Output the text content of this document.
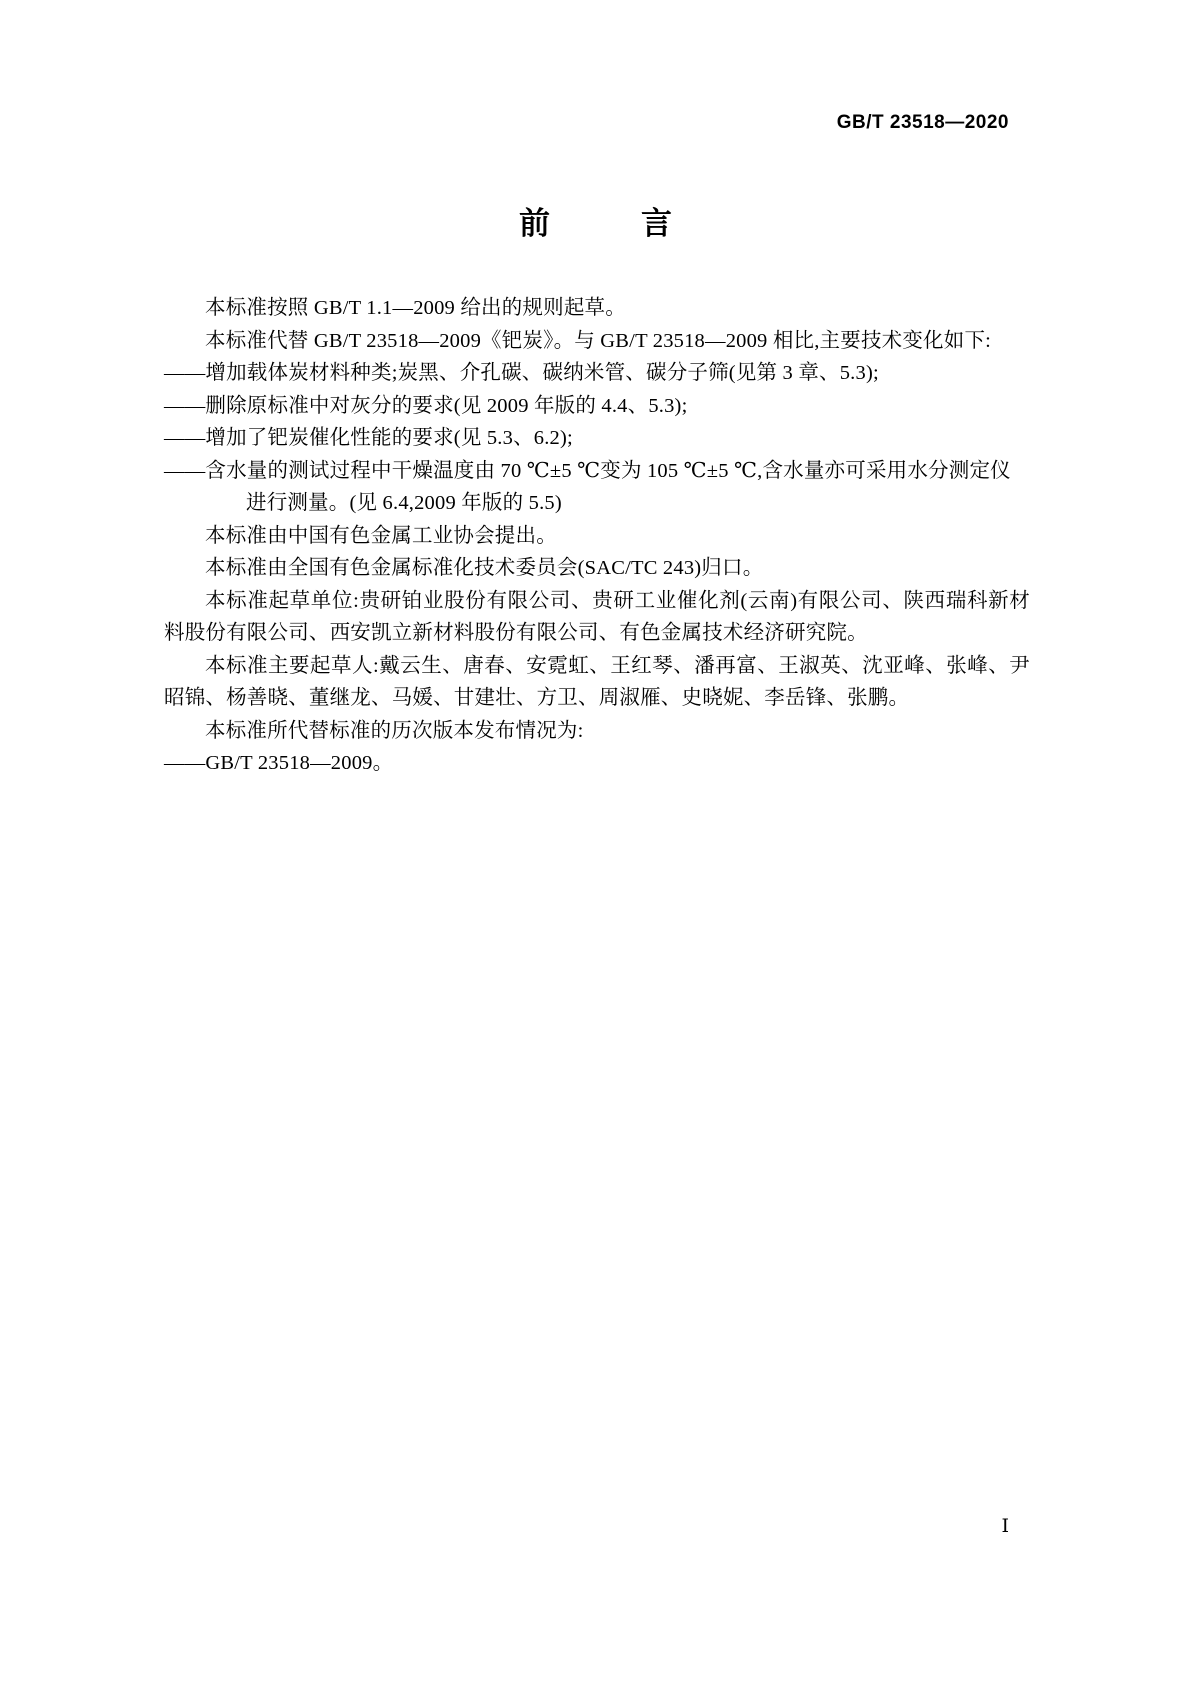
GB/T 23518—2020
前　言

本标准按照 GB/T 1.1—2009 给出的规则起草。

本标准代替 GB/T 23518—2009《钯炭》。与 GB/T 23518—2009 相比,主要技术变化如下:

——增加载体炭材料种类;炭黑、介孔碳、碳纳米管、碳分子筛(见第 3 章、5.3);

——删除原标准中对灰分的要求(见 2009 年版的 4.4、5.3);

——增加了钯炭催化性能的要求(见 5.3、6.2);

——含水量的测试过程中干燥温度由 70 ℃±5 ℃变为 105 ℃±5 ℃,含水量亦可采用水分测定仪

进行测量。(见 6.4,2009 年版的 5.5)

本标准由中国有色金属工业协会提出。

本标准由全国有色金属标准化技术委员会(SAC/TC 243)归口。

本标准起草单位:贵研铂业股份有限公司、贵研工业催化剂(云南)有限公司、陕西瑞科新材料股份有限公司、西安凯立新材料股份有限公司、有色金属技术经济研究院。

本标准主要起草人:戴云生、唐春、安霓虹、王红琴、潘再富、王淑英、沈亚峰、张峰、尹昭锦、杨善晓、董继龙、马媛、甘建壮、方卫、周淑雁、史晓妮、李岳锋、张鹏。

本标准所代替标准的历次版本发布情况为:

——GB/T 23518—2009。

Ⅰ
